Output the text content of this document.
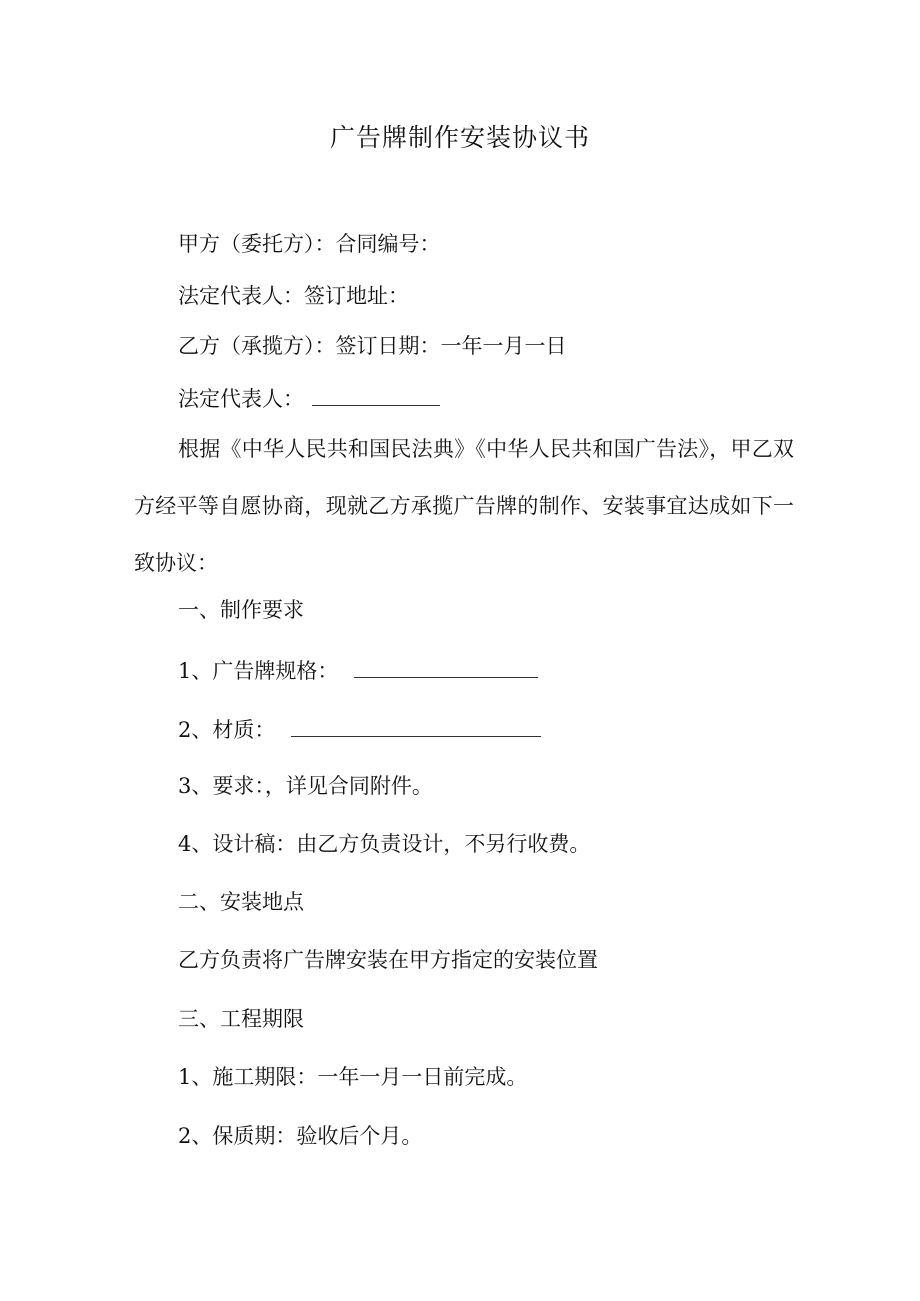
广告牌制作安装协议书
甲方（委托方）：合同编号：
法定代表人：签订地址：
乙方（承揽方）：签订日期：一年一月一日
法定代表人：
根据《中华人民共和国民法典》《中华人民共和国广告法》，甲乙双方经平等自愿协商，现就乙方承揽广告牌的制作、安装事宜达成如下一致协议：
一、制作要求
1、广告牌规格：
2、材质：
3、要求：，详见合同附件。
4、设计稿：由乙方负责设计，不另行收费。
二、安装地点
乙方负责将广告牌安装在甲方指定的安装位置
三、工程期限
1、施工期限：一年一月一日前完成。
2、保质期：验收后个月。
